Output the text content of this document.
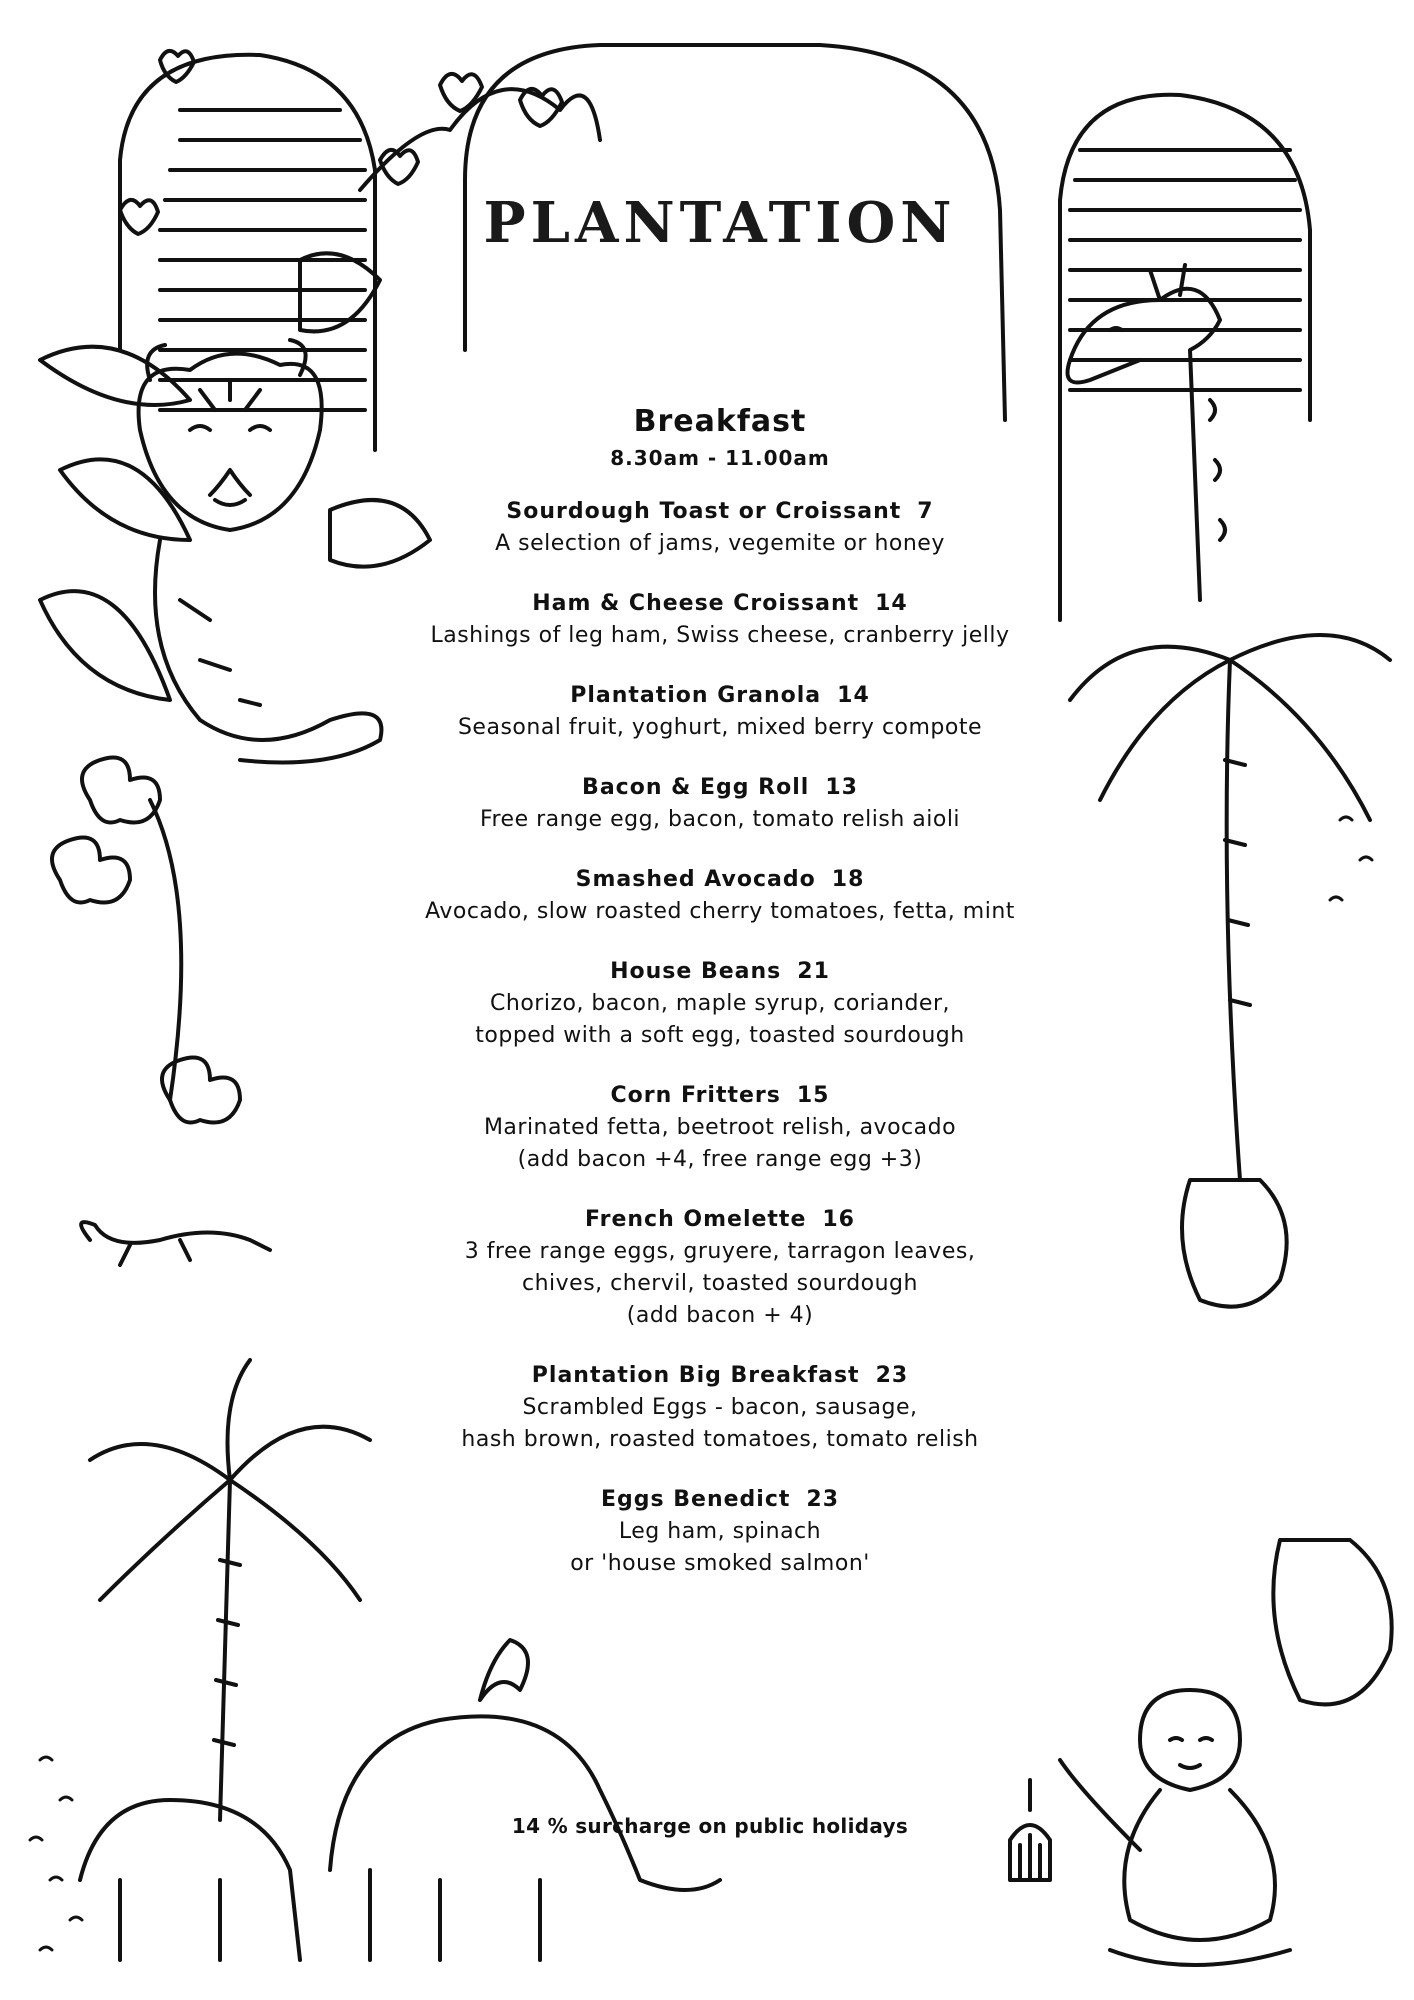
PLANTATION
Breakfast
8.30am - 11.00am
Sourdough Toast or Croissant 7
A selection of jams, vegemite or honey
Ham & Cheese Croissant 14
Lashings of leg ham, Swiss cheese, cranberry jelly
Plantation Granola 14
Seasonal fruit, yoghurt, mixed berry compote
Bacon & Egg Roll 13
Free range egg, bacon, tomato relish aioli
Smashed Avocado 18
Avocado, slow roasted cherry tomatoes, fetta, mint
House Beans 21
Chorizo, bacon, maple syrup, coriander,
topped with a soft egg, toasted sourdough
Corn Fritters 15
Marinated fetta, beetroot relish, avocado
(add bacon +4, free range egg +3)
French Omelette 16
3 free range eggs, gruyere, tarragon leaves,
chives, chervil, toasted sourdough
(add bacon + 4)
Plantation Big Breakfast 23
Scrambled Eggs - bacon, sausage,
hash brown, roasted tomatoes, tomato relish
Eggs Benedict 23
Leg ham, spinach
or 'house smoked salmon'
14 % surcharge on public holidays
